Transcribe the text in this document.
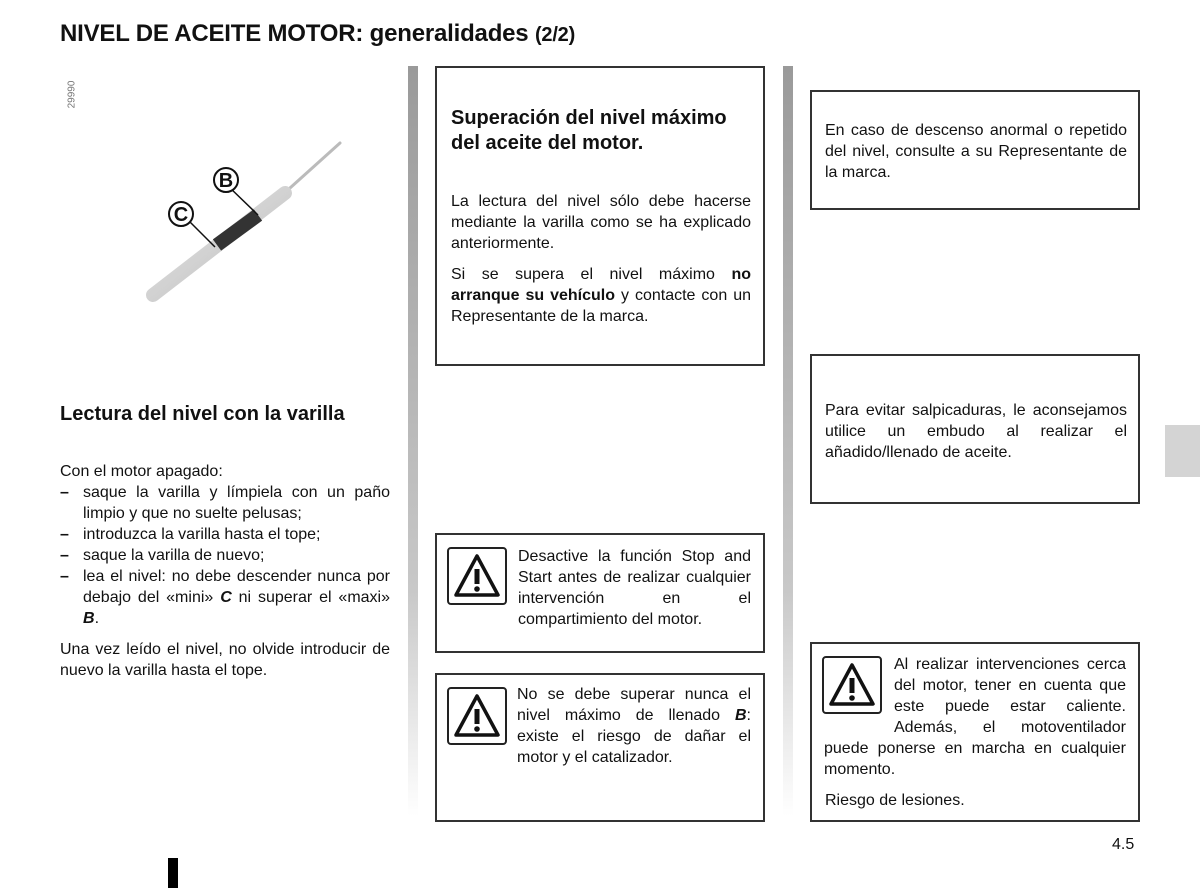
NIVEL DE ACEITE MOTOR: generalidades (2/2)
29990
B
C
Lectura del nivel con la varilla
Con el motor apagado:
– saque la varilla y límpiela con un paño limpio y que no suelte pelusas;
– introduzca la varilla hasta el tope;
– saque la varilla de nuevo;
– lea el nivel: no debe descender nunca por debajo del «mini» C ni superar el «maxi» B.
Una vez leído el nivel, no olvide introducir de nuevo la varilla hasta el tope.
Superación del nivel máximo del aceite del motor.
La lectura del nivel sólo debe hacerse mediante la varilla como se ha explicado anteriormente.
Si se supera el nivel máximo no arranque su vehículo y contacte con un Representante de la marca.
Desactive la función Stop and Start antes de realizar cualquier intervención en el compartimiento del motor.
No se debe superar nunca el nivel máximo de llenado B: existe el riesgo de dañar el motor y el catalizador.
En caso de descenso anormal o repetido del nivel, consulte a su Representante de la marca.
Para evitar salpicaduras, le aconsejamos utilice un embudo al realizar el añadido/llenado de aceite.
Al realizar intervenciones cerca del motor, tener en cuenta que este puede estar caliente. Además, el motoventilador puede ponerse en marcha en cualquier momento.
Riesgo de lesiones.
4.5
